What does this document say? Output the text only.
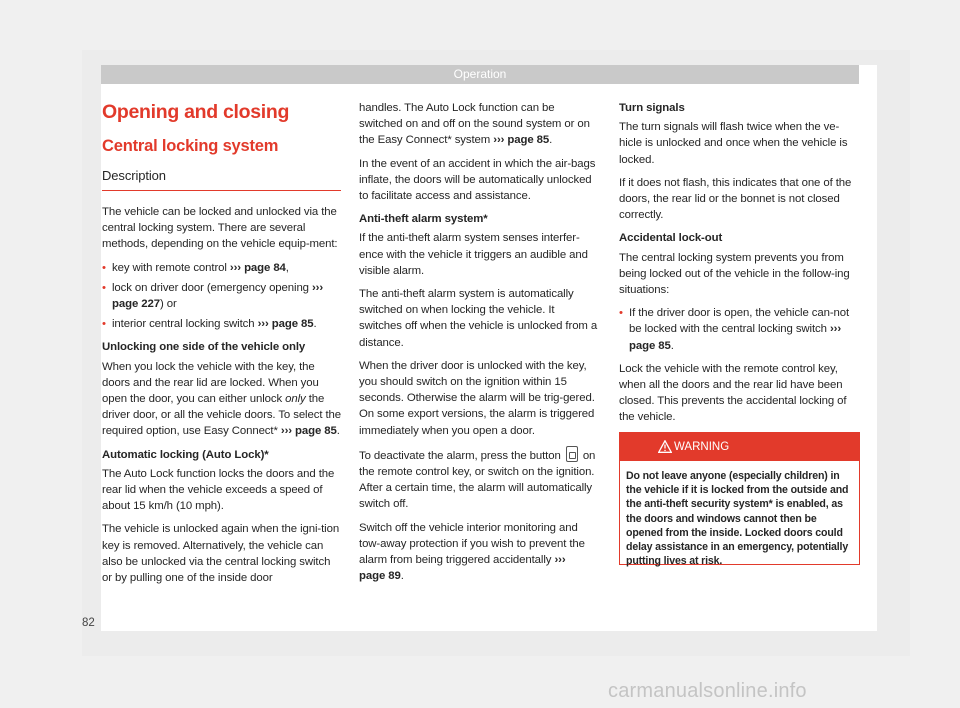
Operation
Opening and closing
Central locking system
Description

The vehicle can be locked and unlocked via the central locking system. There are several methods, depending on the vehicle equip-ment:

• key with remote control ››› page 84,
• lock on driver door (emergency opening ››› page 227) or
• interior central locking switch ››› page 85.

Unlocking one side of the vehicle only

When you lock the vehicle with the key, the doors and the rear lid are locked. When you open the door, you can either unlock only the driver door, or all the vehicle doors. To select the required option, use Easy Connect* ››› page 85.

Automatic locking (Auto Lock)*

The Auto Lock function locks the doors and the rear lid when the vehicle exceeds a speed of about 15 km/h (10 mph).

The vehicle is unlocked again when the igni-tion key is removed. Alternatively, the vehicle can also be unlocked via the central locking switch or by pulling one of the inside door

handles. The Auto Lock function can be switched on and off on the sound system or on the Easy Connect* system ››› page 85.

In the event of an accident in which the air-bags inflate, the doors will be automatically unlocked to facilitate access and assistance.

Anti-theft alarm system*

If the anti-theft alarm system senses interfer-ence with the vehicle it triggers an audible and visible alarm.

The anti-theft alarm system is automatically switched on when locking the vehicle. It switches off when the vehicle is unlocked from a distance.

When the driver door is unlocked with the key, you should switch on the ignition within 15 seconds. Otherwise the alarm will be trig-gered. On some export versions, the alarm is triggered immediately when you open a door.

To deactivate the alarm, press the button  on the remote control key, or switch on the ignition. After a certain time, the alarm will automatically switch off.

Switch off the vehicle interior monitoring and tow-away protection if you wish to prevent the alarm from being triggered accidentally ››› page 89.

Turn signals

The turn signals will flash twice when the ve-hicle is unlocked and once when the vehicle is locked.

If it does not flash, this indicates that one of the doors, the rear lid or the bonnet is not closed correctly.

Accidental lock-out

The central locking system prevents you from being locked out of the vehicle in the follow-ing situations:

• If the driver door is open, the vehicle can-not be locked with the central locking switch ››› page 85.

Lock the vehicle with the remote control key, when all the doors and the rear lid have been closed. This prevents the accidental locking of the vehicle.

WARNING
Do not leave anyone (especially children) in the vehicle if it is locked from the outside and the anti-theft security system* is enabled, as the doors and windows cannot then be opened from the inside. Locked doors could delay assistance in an emergency, potentially putting lives at risk.
82
carmanualsonline.info
